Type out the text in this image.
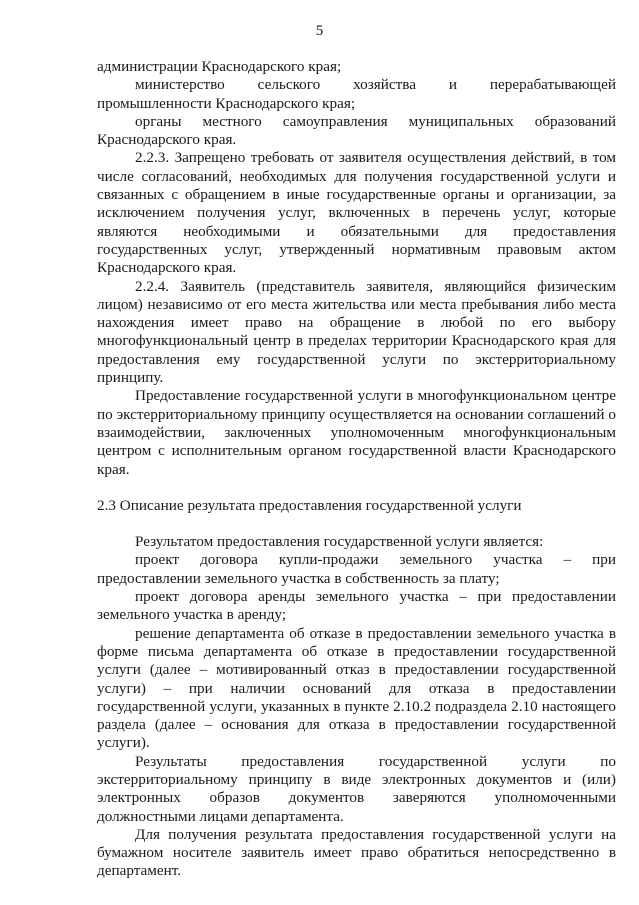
5

администрации Краснодарского края;

министерство сельского хозяйства и перерабатывающей промышленности Краснодарского края;

органы местного самоуправления муниципальных образований Краснодарского края.

2.2.3. Запрещено требовать от заявителя осуществления действий, в том числе согласований, необходимых для получения государственной услуги и связанных с обращением в иные государственные органы и организации, за исключением получения услуг, включенных в перечень услуг, которые являются необходимыми и обязательными для предоставления государственных услуг, утвержденный нормативным правовым актом Краснодарского края.

2.2.4. Заявитель (представитель заявителя, являющийся физическим лицом) независимо от его места жительства или места пребывания либо места нахождения имеет право на обращение в любой по его выбору многофункциональный центр в пределах территории Краснодарского края для предоставления ему государственной услуги по экстерриториальному принципу.

Предоставление государственной услуги в многофункциональном центре по экстерриториальному принципу осуществляется на основании соглашений о взаимодействии, заключенных уполномоченным многофункциональным центром с исполнительным органом государственной власти Краснодарского края.

2.3 Описание результата предоставления государственной услуги

Результатом предоставления государственной услуги является:

проект договора купли-продажи земельного участка – при предоставлении земельного участка в собственность за плату;

проект договора аренды земельного участка – при предоставлении земельного участка в аренду;

решение департамента об отказе в предоставлении земельного участка в форме письма департамента об отказе в предоставлении государственной услуги (далее – мотивированный отказ в предоставлении государственной услуги) – при наличии оснований для отказа в предоставлении государственной услуги, указанных в пункте 2.10.2 подраздела 2.10 настоящего раздела (далее – основания для отказа в предоставлении государственной услуги).

Результаты предоставления государственной услуги по экстерриториальному принципу в виде электронных документов и (или) электронных образов документов заверяются уполномоченными должностными лицами департамента.

Для получения результата предоставления государственной услуги на бумажном носителе заявитель имеет право обратиться непосредственно в департамент.
